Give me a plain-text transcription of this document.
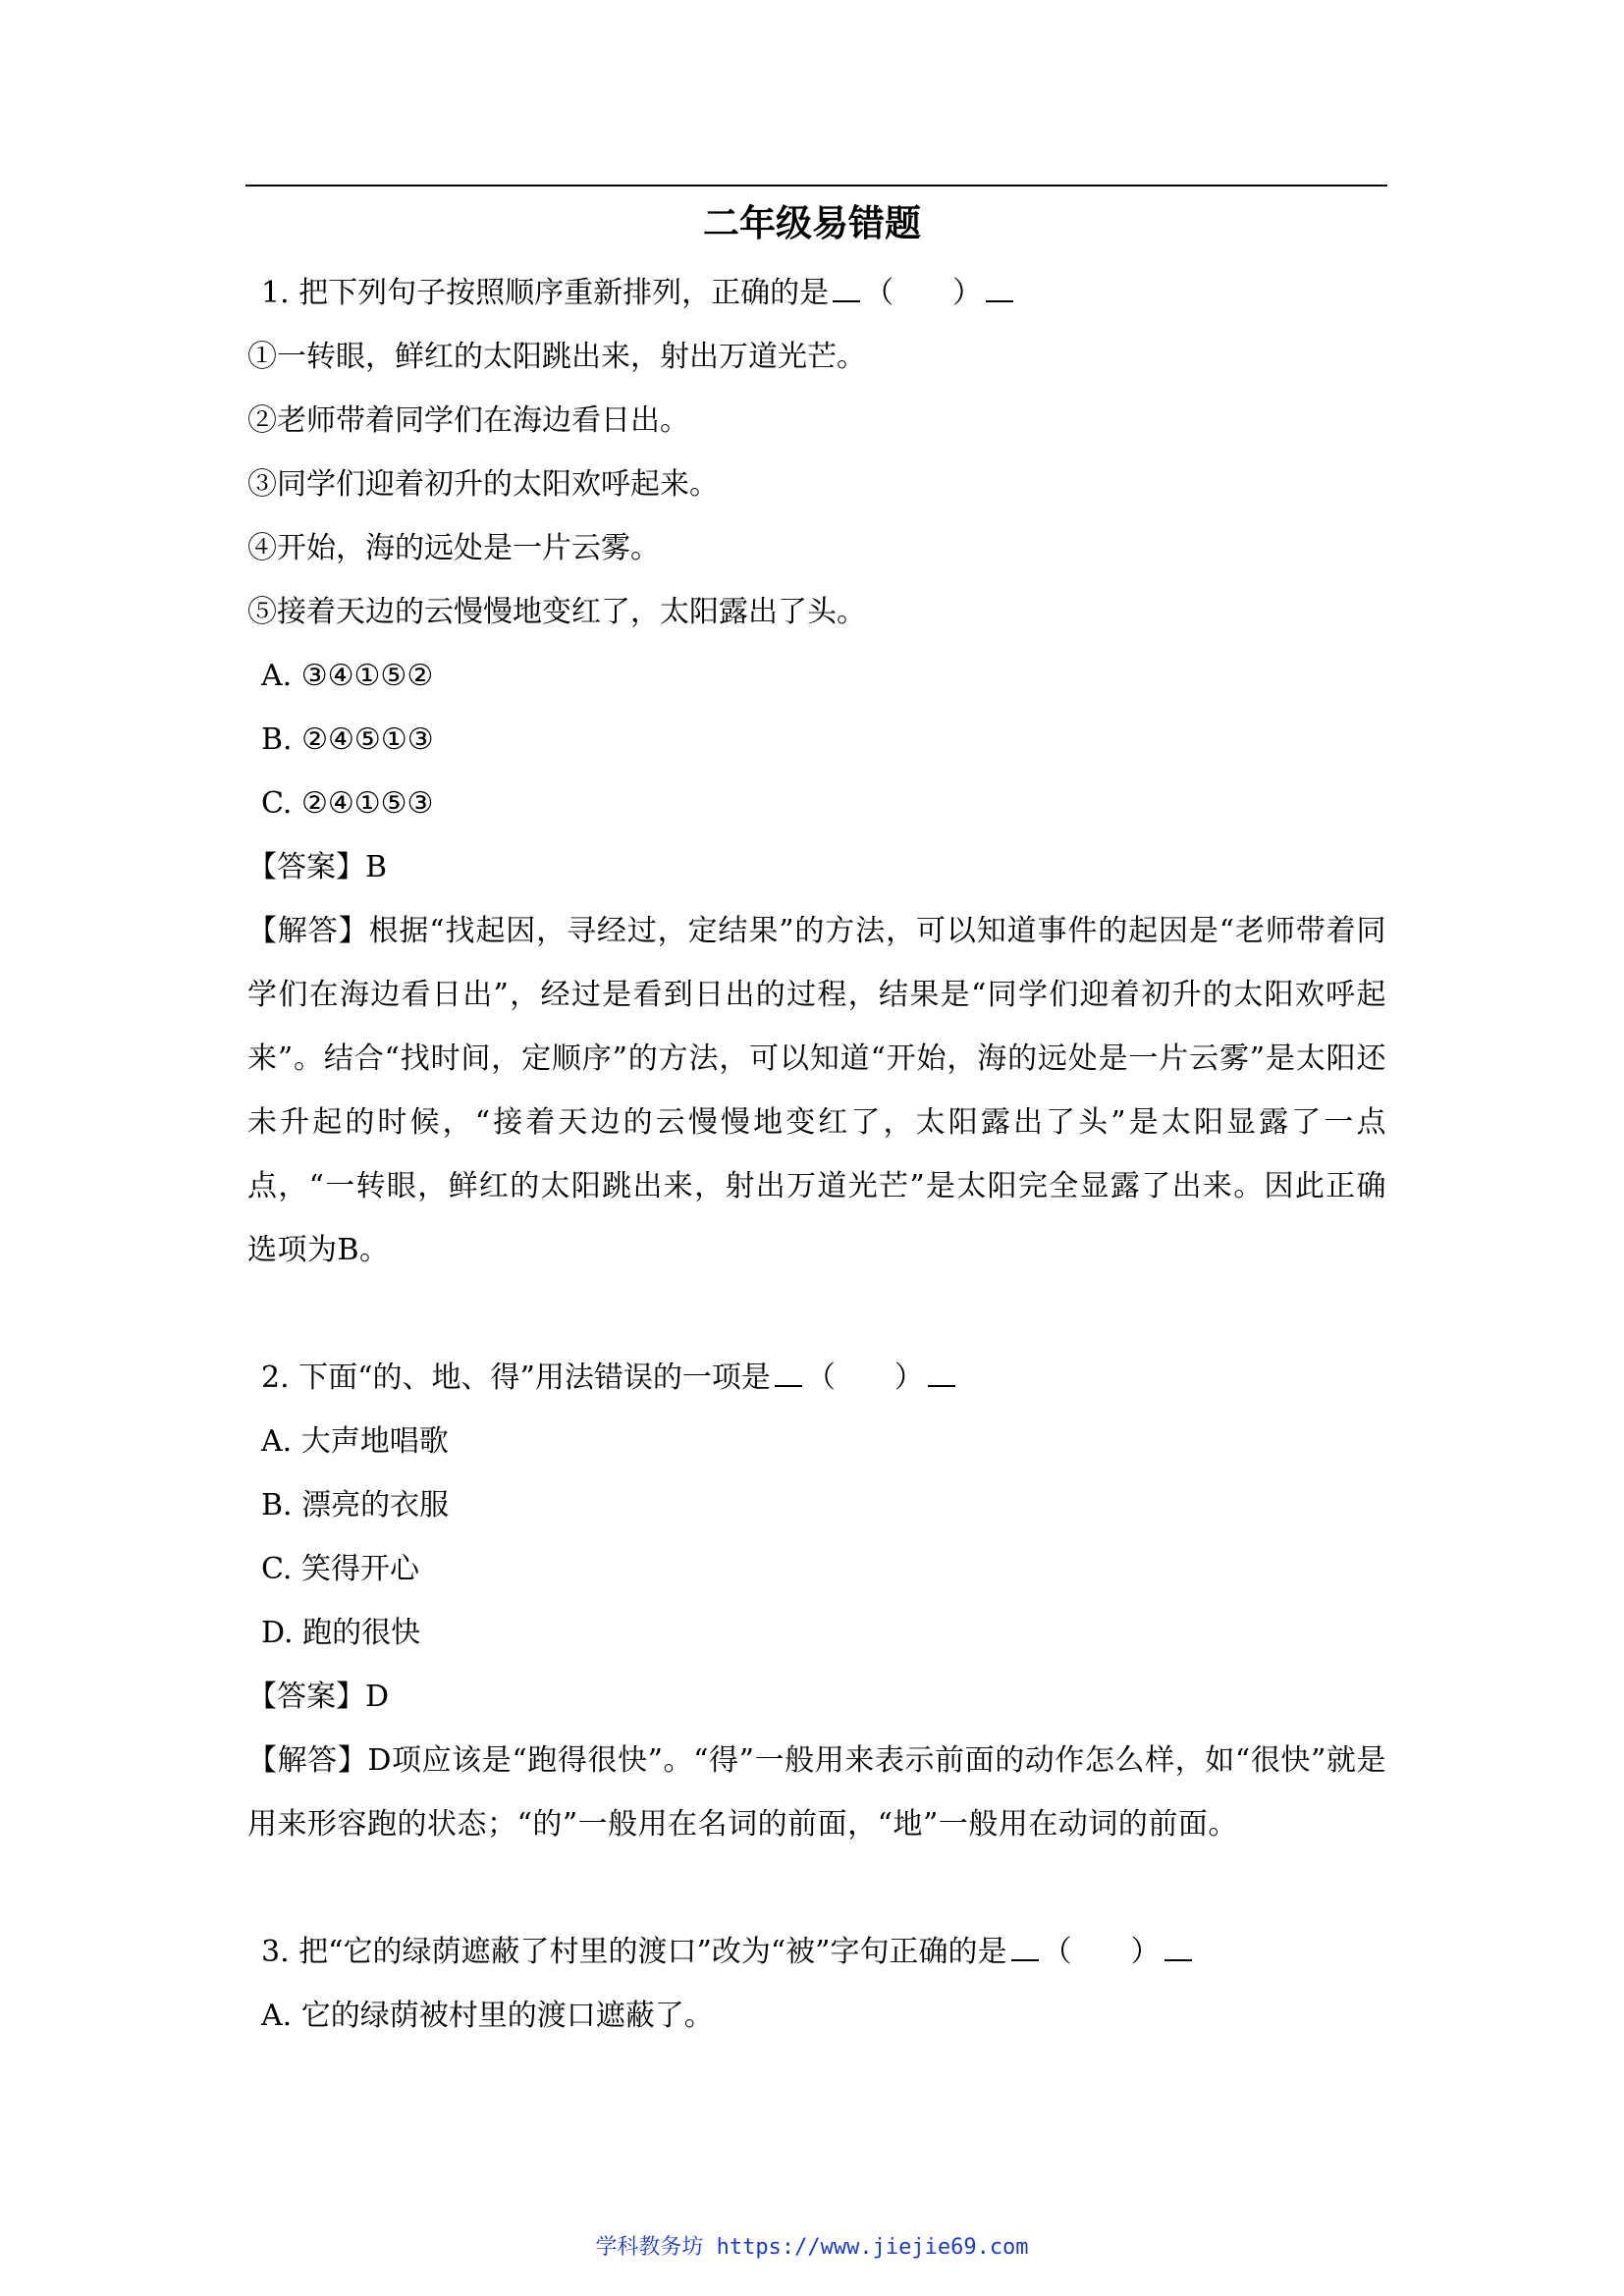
二年级易错题
1. 把下列句子按照顺序重新排列，正确的是 （　　）
①一转眼，鲜红的太阳跳出来，射出万道光芒。
②老师带着同学们在海边看日出。
③同学们迎着初升的太阳欢呼起来。
④开始，海的远处是一片云雾。
⑤接着天边的云慢慢地变红了，太阳露出了头。
A. ③④①⑤②
B. ②④⑤①③
C. ②④①⑤③
【答案】B
【解答】根据“找起因，寻经过，定结果”的方法，可以知道事件的起因是“老师带着同学们在海边看日出”，经过是看到日出的过程，结果是“同学们迎着初升的太阳欢呼起来”。结合“找时间，定顺序”的方法，可以知道“开始，海的远处是一片云雾”是太阳还未升起的时候，“接着天边的云慢慢地变红了，太阳露出了头”是太阳显露了一点点，“一转眼，鲜红的太阳跳出来，射出万道光芒”是太阳完全显露了出来。因此正确选项为B。
2. 下面“的、地、得”用法错误的一项是 （　　）
A. 大声地唱歌
B. 漂亮的衣服
C. 笑得开心
D. 跑的很快
【答案】D
【解答】D项应该是“跑得很快”。“得”一般用来表示前面的动作怎么样，如“很快”就是用来形容跑的状态；“的”一般用在名词的前面，“地”一般用在动词的前面。
3. 把“它的绿荫遮蔽了村里的渡口”改为“被”字句正确的是 （　　）
A. 它的绿荫被村里的渡口遮蔽了。
学科教务坊 https://www.jiejie69.com
